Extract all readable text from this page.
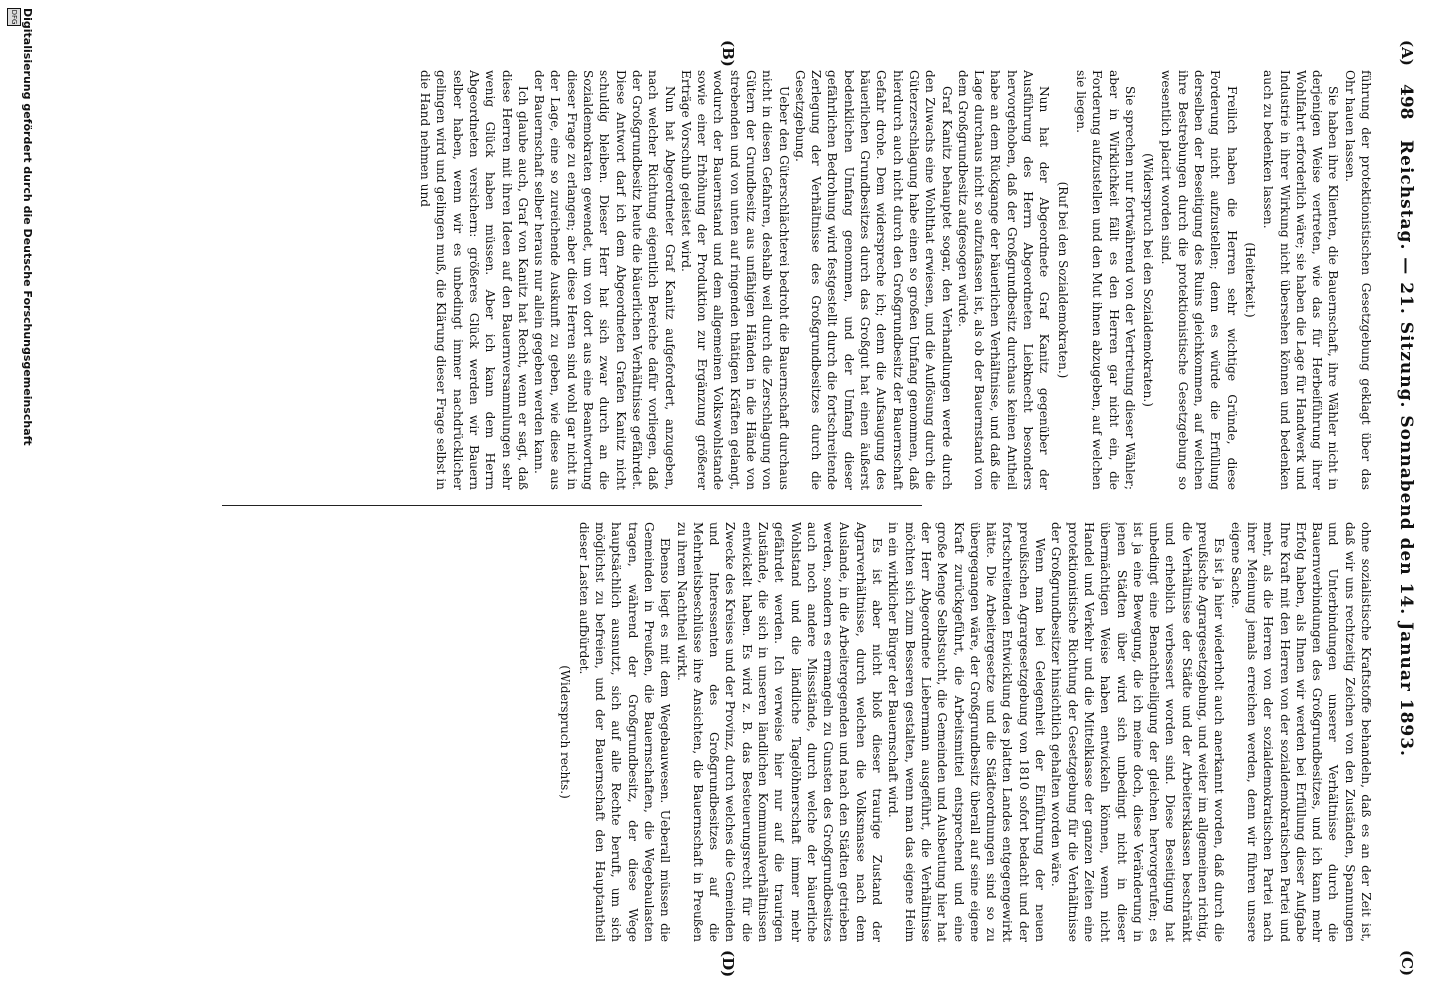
498
Reichstag. — 21. Sitzung. Sonnabend den 14. Januar 1893.
(A)
(B)
(C)
(D)

führung der protektionistischen Gesetzgebung geklagt über das Ohr hauen lassen.

Sie haben ihre Klienten, die Bauernschaft, ihre Wähler nicht in derjenigen Weise vertreten, wie das für Herbeiführung ihrer Wohlfahrt erforderlich wäre; sie haben die Lage für Handwerk und Industrie in ihrer Wirkung nicht übersehen können und bedenken auch zu bedenken lassen.

(Heiterkeit.)

Freilich haben die Herren sehr wichtige Gründe, diese Forderung nicht aufzustellen; denn es würde die Erfüllung derselben der Beseitigung des Ruins gleichkommen, auf welchen ihre Bestrebungen durch die protektionistische Gesetzgebung so wesentlich placirt worden sind.

(Widerspruch bei den Sozialdemokraten.)

Sie sprechen nur fortwährend von der Vertretung dieser Wähler; aber in Wirklichkeit fällt es den Herren gar nicht ein, die Forderung aufzustellen und den Mut ihnen abzugeben, auf welchen sie liegen.

(Ruf bei den Sozialdemokraten.)

Nun hat der Abgeordnete Graf Kanitz gegenüber der Ausführung des Herrn Abgeordneten Liebknecht besonders hervorgehoben, daß der Großgrundbesitz durchaus keinen Antheil habe an dem Rückgange der bäuerlichen Verhältnisse, und daß die Lage durchaus nicht so aufzufassen ist, als ob der Bauernstand von dem Großgrundbesitz aufgesogen würde.

Graf Kanitz behauptet sogar, den Verhandlungen werde durch den Zuwachs eine Wohlthat erwiesen, und die Auflösung durch die Güterzerschlagung habe einen so großen Umfang genommen, daß hierdurch auch nicht durch den Großgrundbesitz der Bauernschaft Gefahr drohe. Dem widerspreche ich; denn die Aufsaugung des bäuerlichen Grundbesitzes durch das Großgut hat einen äußerst bedenklichen Umfang genommen, und der Umfang dieser gefährlichen Bedrohung wird festgestellt durch die fortschreitende Zerlegung der Verhältnisse des Großgrundbesitzes durch die Gesetzgebung.

Ueber den Güterschlächterei bedroht die Bauernschaft durchaus nicht in diesen Gefahren, deshalb weil durch die Zerschlagung von Gütern der Grundbesitz aus unfähigen Händen in die Hände von strebenden und von unten auf ringenden thätigen Kräften gelangt, wodurch der Bauernstand und dem allgemeinen Volkswohlstande sowie einer Erhöhung der Produktion zur Ergänzung größerer Erträge Vorschub geleistet wird.

Nun hat Abgeordneter Graf Kanitz aufgefordert, anzugeben, nach welcher Richtung eigentlich Bereiche dafür vorliegen, daß der Großgrundbesitz heute die bäuerlichen Verhältnisse gefährdet. Diese Antwort darf ich dem Abgeordneten Grafen Kanitz nicht schuldig bleiben. Dieser Herr hat sich zwar durch an die Sozialdemokraten gewendet, um von dort aus eine Beantwortung dieser Frage zu erlangen; aber diese Herren sind wohl gar nicht in der Lage, eine so zureichende Auskunft zu geben, wie diese aus der Bauernschaft selber heraus nur allein gegeben werden kann.

Ich glaube auch, Graf von Kanitz hat Recht, wenn er sagt, daß diese Herren mit ihren Ideen auf den Bauernversammlungen sehr wenig Glück haben müssen. Aber ich kann dem Herrn Abgeordneten versichern: größeres Glück werden wir Bauern selber haben, wenn wir es unbedingt immer nachdrücklicher gelingen wird und gelingen muß, die Klärung dieser Frage selbst in die Hand nehmen und

ohne sozialistische Kraftstoffe behandeln, daß es an der Zeit ist, daß wir uns rechtzeitig Zeichen von den Zuständen, Spannungen und Unterbindungen unserer Verhältnisse durch die Bauernverbindungen des Großgrundbesitzes, und ich kann mehr Erfolg haben, als Ihnen wir werden bei Erfüllung dieser Aufgabe Ihre Kraft mit den Herren von der sozialdemokratischen Partei und mehr, als die Herren von der sozialdemokratischen Partei nach ihrer Meinung jemals erreichen werden, denn wir führen unsere eigene Sache.

Es ist ja hier wiederholt auch anerkannt worden, daß durch die preußische Agrargesetzgebung, und weiter im allgemeinen richtig, die Verhältnisse der Städte und der Arbeitersklassen beschränkt und erheblich verbessert worden sind. Diese Beseitigung hat unbedingt eine Benachtheiligung der gleichen hervorgerufen; es ist ja eine Bewegung, die ich meine doch, diese Veränderung in jenen Städten über wird sich unbedingt nicht in dieser übermächtigen Weise haben entwickeln können, wenn nicht Handel und Verkehr und die Mittelklasse der ganzen Zeiten eine protektionistische Richtung der Gesetzgebung für die Verhältnisse der Großgrundbesitzer hinsichtlich gehalten worden wäre.

Wenn man bei Gelegenheit der Einführung der neuen preußischen Agrargesetzgebung von 1810 sofort bedacht und der fortschreitenden Entwicklung des platten Landes entgegengewirkt hätte. Die Arbeitergesetze und die Städteordnungen sind so zu übergegangen wäre, der Großgrundbesitz überall auf seine eigene Kraft zurückgeführt, die Arbeitsmittel entsprechend und eine große Menge Selbstsucht, die Gemeinden und Ausbeutung hier hat der Herr Abgeordnete Liebermann ausgeführt, die Verhältnisse möchten sich zum Besseren gestalten, wenn man das eigene Heim in ein wirklicher Bürger der Bauernschaft wird.

Es ist aber nicht bloß dieser traurige Zustand der Agrarverhältnisse, durch welchen die Volksmasse nach dem Auslande, in die Arbeitergegenden und nach den Städten getrieben werden, sondern es ermangeln zu Gunsten des Großgrundbesitzes auch noch andere Missstände, durch welche der bäuerliche Wohlstand und die ländliche Tagelöhnerschaft immer mehr gefährdet werden. Ich verweise hier nur auf die traurigen Zustände, die sich in unseren ländlichen Kommunalverhältnissen entwickelt haben. Es wird z. B. das Besteuerungsrecht für die Zwecke des Kreises und der Provinz, durch welches die Gemeinden und Interessenten des Großgrundbesitzes auf die Mehrheitsbeschlüsse ihre Ansichten, die Bauernschaft in Preußen zu ihrem Nachtheil wirkt.

Ebenso liegt es mit dem Wegebauwesen. Ueberall müssen die Gemeinden in Preußen, die Bauernschaften, die Wegebaulasten tragen, während der Großgrundbesitz, der diese Wege hauptsächlich ausnutzt, sich auf alle Rechte beruft, um sich möglichst zu befreien, und der Bauernschaft den Hauptantheil dieser Lasten aufbürdet.

(Widerspruch rechts.)

Digitalisierung gefördert durch die Deutsche Forschungsgemeinschaft
DFG
